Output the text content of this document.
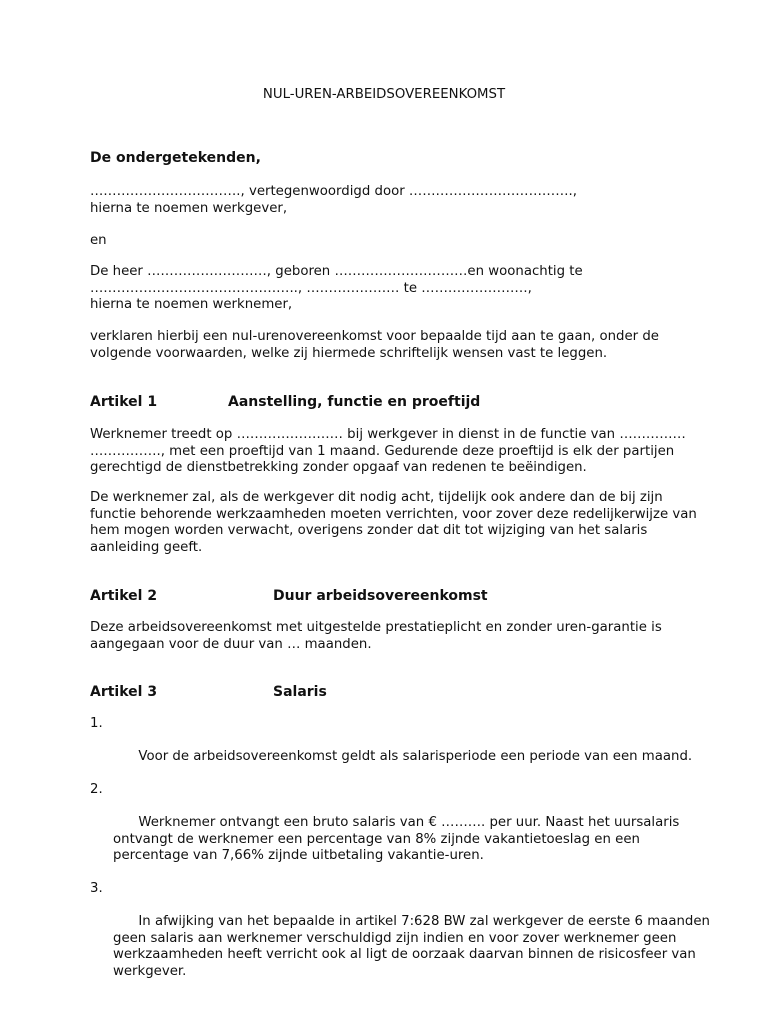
NUL-UREN-ARBEIDSOVEREENKOMST
De ondergetekenden,
……………………………., vertegenwoordigd door ……………………………….,
hierna te noemen werkgever,
en
De heer ………………………, geboren …………………………en woonachtig te
……………………………………….., ………………… te ……………………,
hierna te noemen werknemer,
verklaren hierbij een nul-urenovereenkomst voor bepaalde tijd aan te gaan, onder de
volgende voorwaarden, welke zij hiermede schriftelijk wensen vast te leggen.
Artikel 1	Aanstelling, functie en proeftijd
Werknemer treedt op …………………… bij werkgever in dienst in de functie van ……………
……………., met een proeftijd van 1 maand. Gedurende deze proeftijd is elk der partijen
gerechtigd de dienstbetrekking zonder opgaaf van redenen te beëindigen.
De werknemer zal, als de werkgever dit nodig acht, tijdelijk ook andere dan de bij zijn
functie behorende werkzaamheden moeten verrichten, voor zover deze redelijkerwijze van
hem mogen worden verwacht, overigens zonder dat dit tot wijziging van het salaris
aanleiding geeft.
Artikel 2	Duur arbeidsovereenkomst
Deze arbeidsovereenkomst met uitgestelde prestatieplicht en zonder uren-garantie is
aangegaan voor de duur van … maanden.
Artikel 3	Salaris

1.

Voor de arbeidsovereenkomst geldt als salarisperiode een periode van een maand.

2.

Werknemer ontvangt een bruto salaris van € ………. per uur. Naast het uursalaris
ontvangt de werknemer een percentage van 8% zijnde vakantietoeslag en een
percentage van 7,66% zijnde uitbetaling vakantie-uren.

3.

In afwijking van het bepaalde in artikel 7:628 BW zal werkgever de eerste 6 maanden
geen salaris aan werknemer verschuldigd zijn indien en voor zover werknemer geen
werkzaamheden heeft verricht ook al ligt de oorzaak daarvan binnen de risicosfeer van
werkgever.
